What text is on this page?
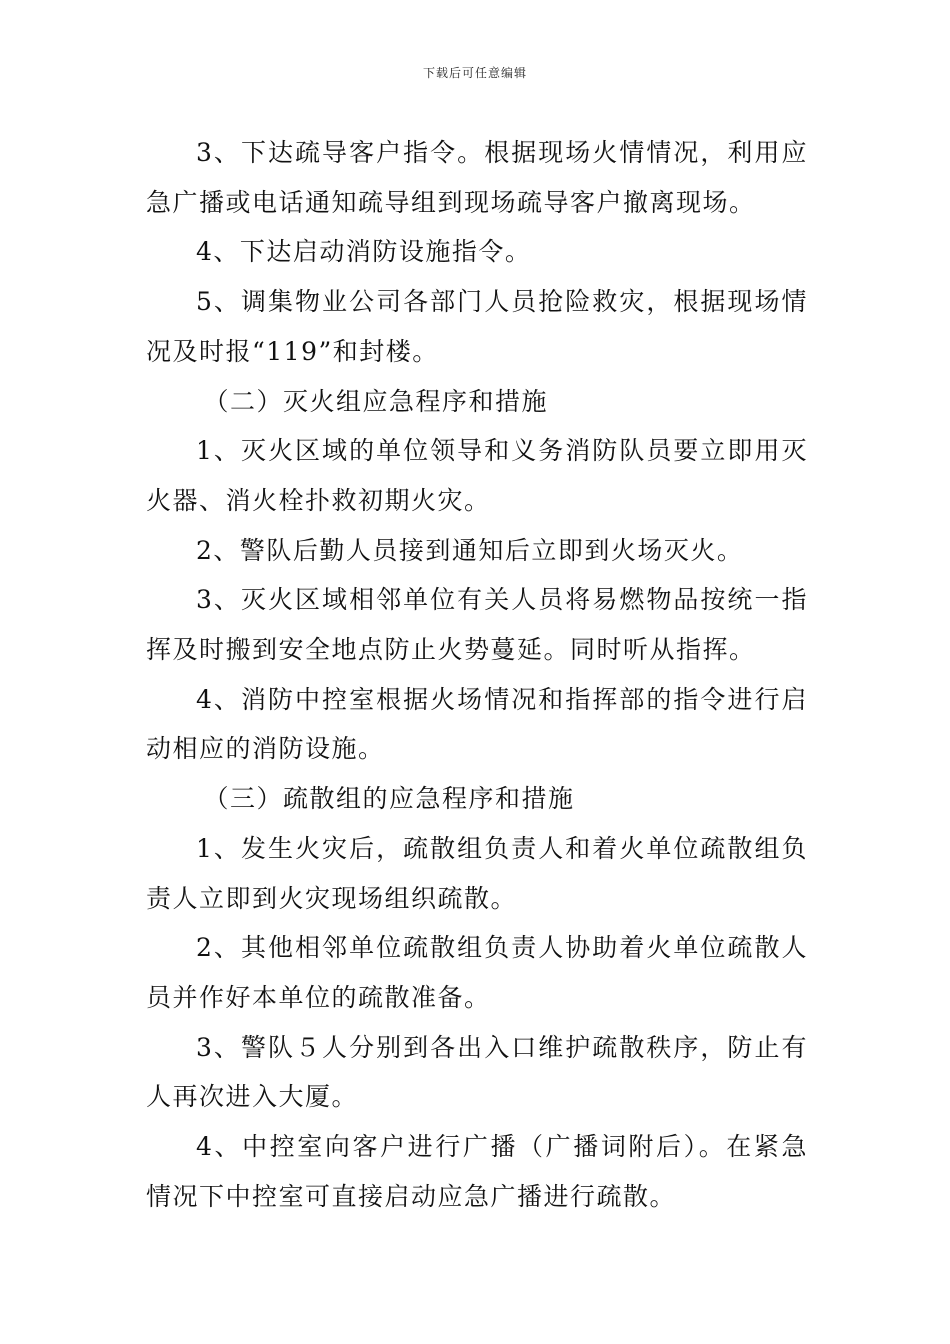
下载后可任意编辑

3、下达疏导客户指令。根据现场火情情况，利用应急广播或电话通知疏导组到现场疏导客户撤离现场。

4、下达启动消防设施指令。

5、调集物业公司各部门人员抢险救灾，根据现场情况及时报“119”和封楼。

（二）灭火组应急程序和措施

1、灭火区域的单位领导和义务消防队员要立即用灭火器、消火栓扑救初期火灾。

2、警队后勤人员接到通知后立即到火场灭火。

3、灭火区域相邻单位有关人员将易燃物品按统一指挥及时搬到安全地点防止火势蔓延。同时听从指挥。

4、消防中控室根据火场情况和指挥部的指令进行启动相应的消防设施。

（三）疏散组的应急程序和措施

1、发生火灾后，疏散组负责人和着火单位疏散组负责人立即到火灾现场组织疏散。

2、其他相邻单位疏散组负责人协助着火单位疏散人员并作好本单位的疏散准备。

3、警队５人分别到各出入口维护疏散秩序，防止有人再次进入大厦。

4、中控室向客户进行广播（广播词附后）。在紧急情况下中控室可直接启动应急广播进行疏散。
